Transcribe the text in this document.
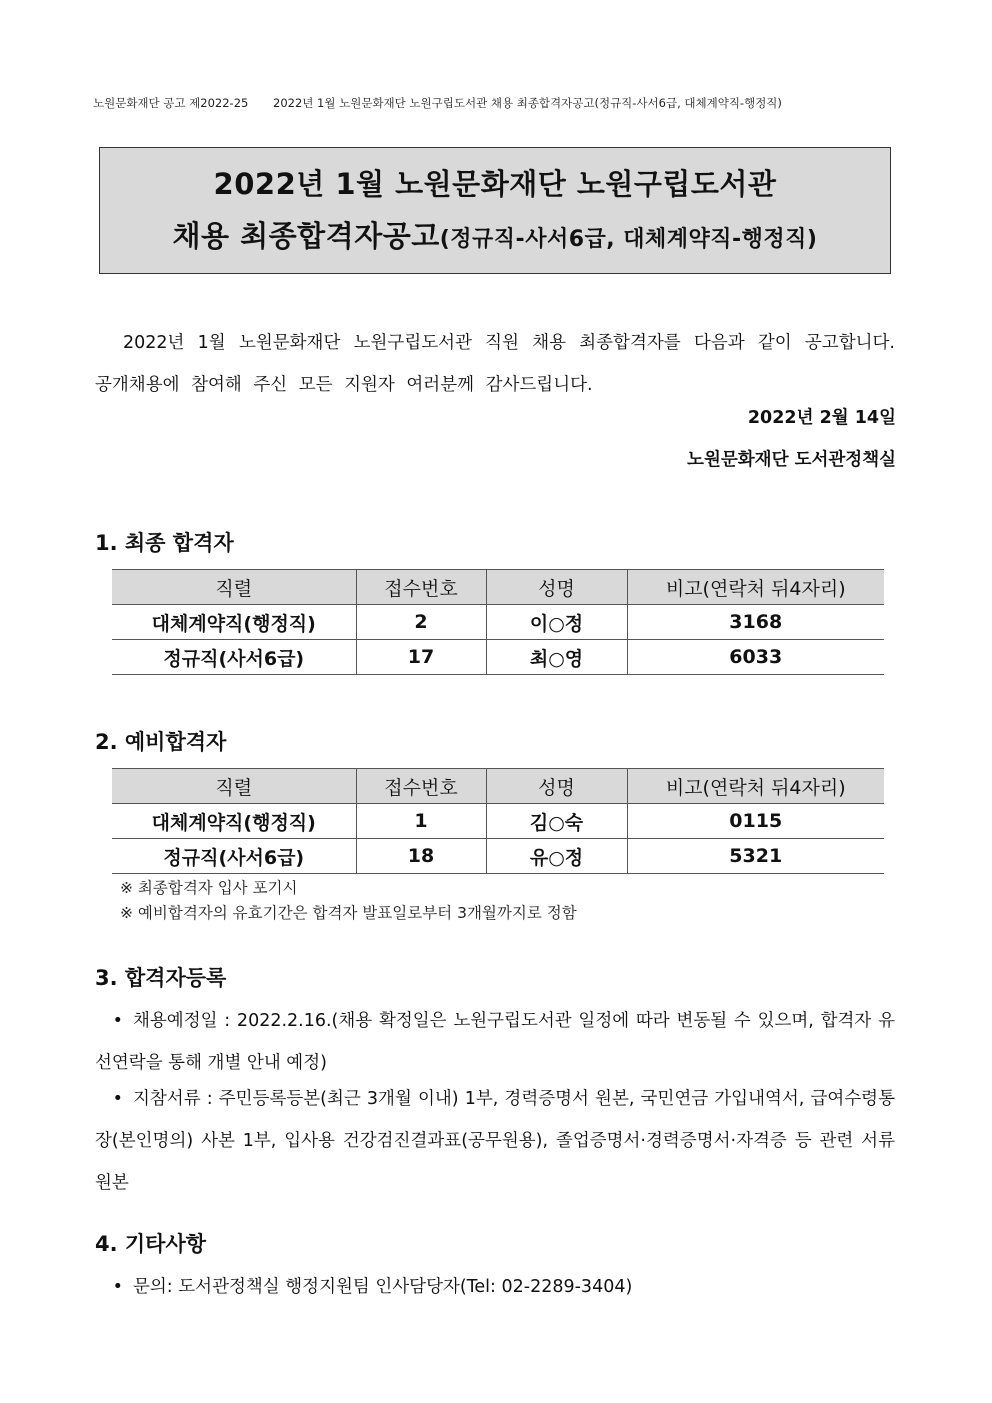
노원문화재단 공고 제2022-25 2022년 1월 노원문화재단 노원구립도서관 채용 최종합격자공고(정규직-사서6급, 대체계약직-행정직)
2022년 1월 노원문화재단 노원구립도서관
채용 최종합격자공고(정규직-사서6급, 대체계약직-행정직)
2022년 1월 노원문화재단 노원구립도서관 직원 채용 최종합격자를 다음과 같이 공고합니다. 공개채용에 참여해 주신 모든 지원자 여러분께 감사드립니다.
2022년 2월 14일
노원문화재단 도서관정책실
1. 최종 합격자
직렬	접수번호	성명	비고(연락처 뒤4자리)
대체계약직(행정직)	2	이○정	3168
정규직(사서6급)	17	최○영	6033
2. 예비합격자
직렬	접수번호	성명	비고(연락처 뒤4자리)
대체계약직(행정직)	1	김○숙	0115
정규직(사서6급)	18	유○정	5321
※ 최종합격자 입사 포기시
※ 예비합격자의 유효기간은 합격자 발표일로부터 3개월까지로 정함
3. 합격자등록
• 채용예정일 : 2022.2.16.(채용 확정일은 노원구립도서관 일정에 따라 변동될 수 있으며, 합격자 유선연락을 통해 개별 안내 예정)
• 지참서류 : 주민등록등본(최근 3개월 이내) 1부, 경력증명서 원본, 국민연금 가입내역서, 급여수령통장(본인명의) 사본 1부, 입사용 건강검진결과표(공무원용), 졸업증명서·경력증명서·자격증 등 관련 서류 원본
4. 기타사항
• 문의: 도서관정책실 행정지원팀 인사담당자(Tel: 02-2289-3404)
